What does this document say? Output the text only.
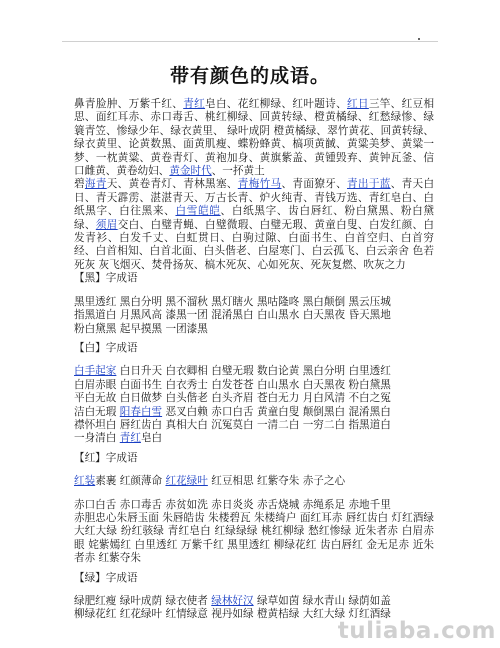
带有颜色的成语。

鼻青脸肿、万紫千红、青红皂白、花红柳绿、红叶题诗、红日三竿、红豆相思、面红耳赤、赤口毒舌、桃红柳绿、回黄转绿、橙黄橘绿、红愁绿惨、绿簑青笠、惨绿少年、绿衣黄里、 绿叶成阴 橙黄橘绿、翠竹黄花、回黄转绿、绿衣黄里、论黄数黑、面黄肌瘦、蝶粉蜂黄、槁项黄馘、黄粱美梦、黄粱一梦、一枕黄粱、黄卷青灯、黄袍加身、黄旗紫盖、黄锺毁弃、黄钟瓦釜、信口雌黄、黄卷幼妇、黄金时代、一抔黄土

碧海青天、黄卷青灯、青林黑塞、青梅竹马、青面獠牙、青出于蓝、青天白日、青天霹雳、湛湛青天、万古长青、炉火纯青、青钱万选、青红皂白、白纸黑字、白往黑来、白雪皑皑、白纸黑字、齿白唇红、粉白黛黑、粉白黛绿、须眉交白、白璧青蝇、白璧微瑕、白璧无瑕、黄童白叟、白发红颜、白发青衫、白发千丈、白虹贯日、白驹过隙、白面书生、白首空归、白首穷经、白首相知、白首北面、白头偕老、白屋寒门、白云孤飞、白云亲舍 色若死灰 灰飞烟灭、焚骨扬灰、槁木死灰、心如死灰、死灰复燃、吹灰之力

【黑】字成语

黑里透红 黑白分明 黑不溜秋 黑灯瞎火 黑咕隆咚 黑白颠倒 黑云压城

指黑道白 月黑风高 漆黑一团 混淆黑白 白山黑水 白天黑夜 昏天黑地

粉白黛黑 起早摸黑 一团漆黑

【白】字成语

白手起家 白日升天 白衣卿相 白璧无瑕 数白论黄 黑白分明 白里透红

白眉赤眼 白面书生 白衣秀士 白发苍苍 白山黑水 白天黑夜 粉白黛黑

平白无故 白日做梦 白头偕老 白头齐眉 苍白无力 月白风清 不白之冤

洁白无瑕 阳春白雪 恶叉白赖 赤口白舌 黄童白叟 颠倒黑白 混淆黑白

襟怀坦白 唇红齿白 真相大白 沉冤莫白 一清二白 一穷二白 指黑道白

一身清白 青红皂白

【红】字成语

红装素裹 红颜薄命 红花绿叶 红豆相思 红紫夺朱 赤子之心

赤口白舌 赤口毒舌 赤贫如洗 赤日炎炎 赤舌烧城 赤绳系足 赤地千里

赤胆忠心朱唇玉面 朱唇皓齿 朱楼碧瓦 朱楼绮户 面红耳赤 唇红齿白 灯红酒绿 大红大绿 纷红骇绿 青红皂白 红绿绿绿 桃红柳绿 愁红惨绿 近朱者赤 白眉赤眼 姹紫嫣红 白里透红 万紫千红 黑里透红 柳绿花红 齿白唇红 金无足赤 近朱者赤 红紫夺朱

【绿】字成语

绿肥红瘦 绿叶成荫 绿衣使者 绿林好汉 绿草如茵 绿水青山 绿荫如盖

柳绿花红 红花绿叶 红情绿意 视丹如绿 橙黄桔绿 大红大绿 灯红酒绿

tuliaba.com
